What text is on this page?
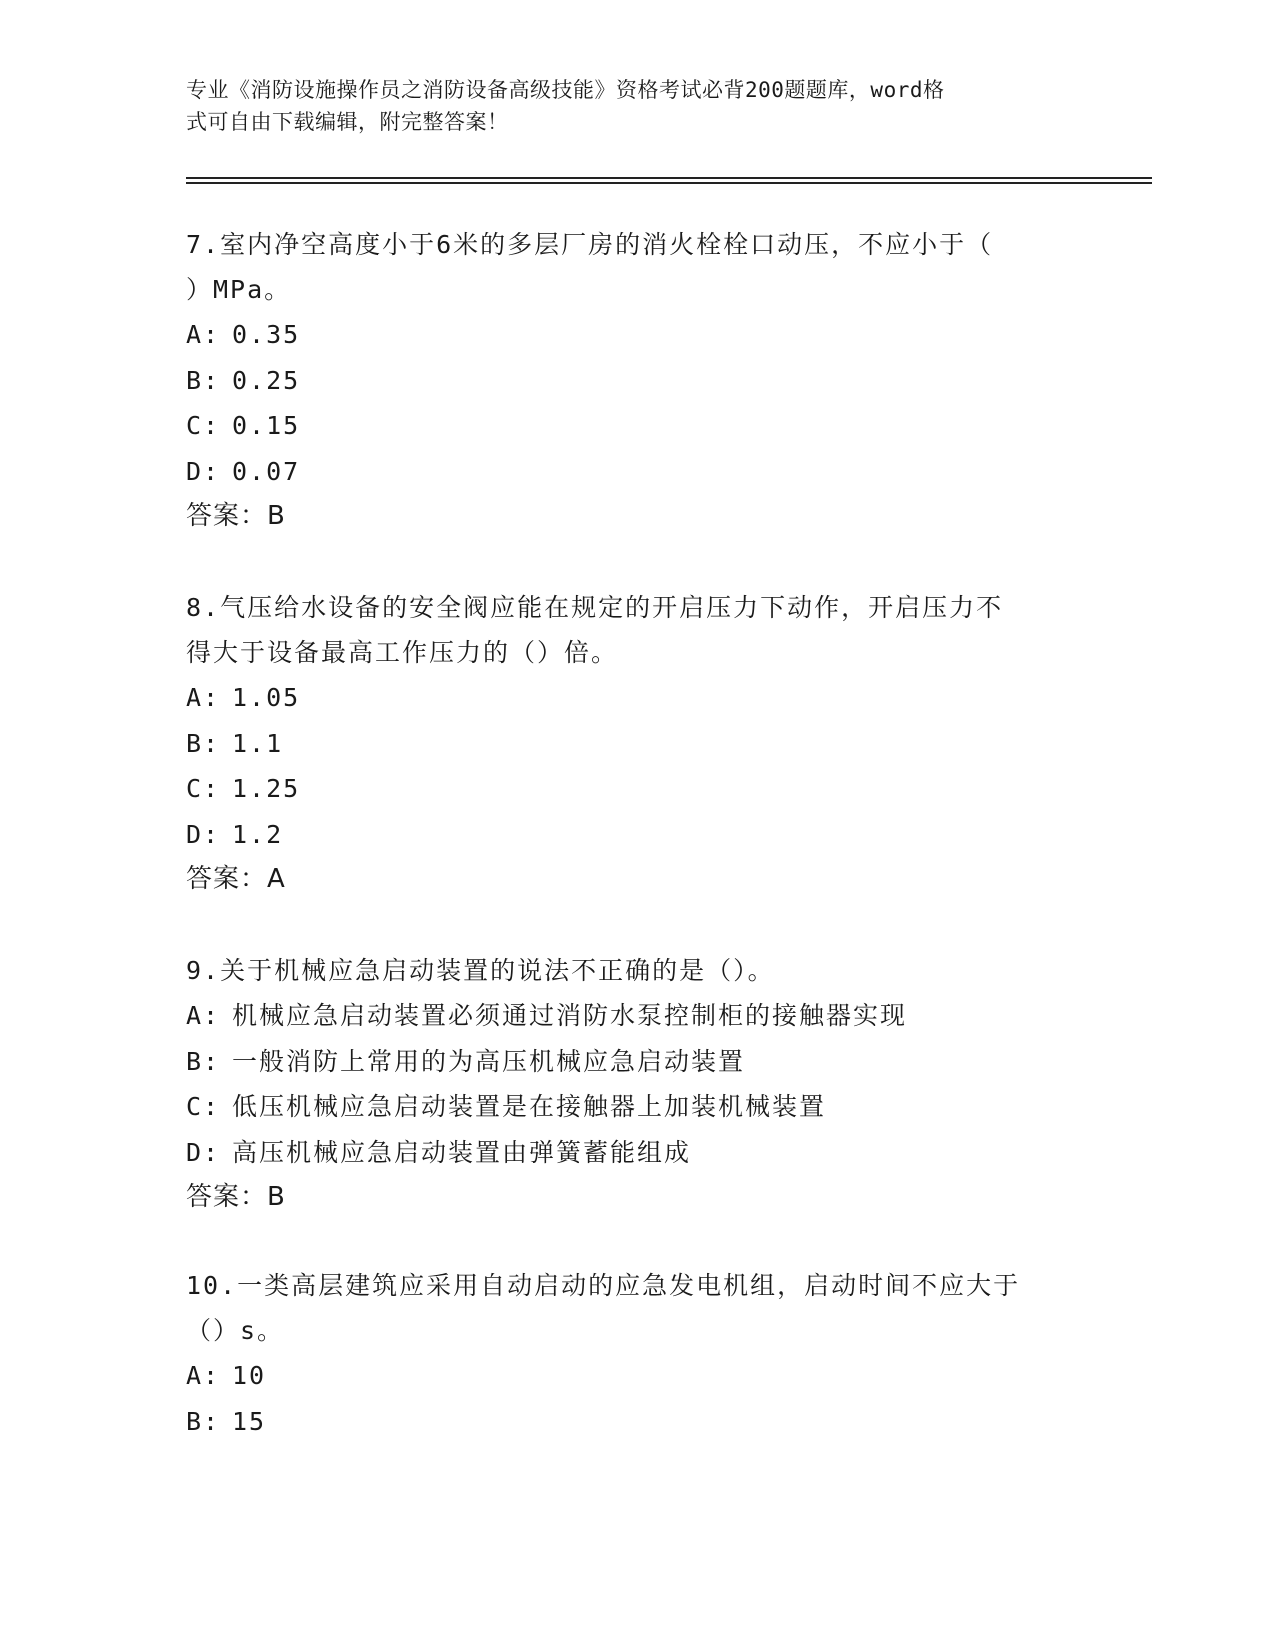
专业《消防设施操作员之消防设备高级技能》资格考试必背200题题库，word格
式可自由下载编辑，附完整答案！
7.室内净空高度小于6米的多层厂房的消火栓栓口动压，不应小于（
）MPa。
A: 0.35
B: 0.25
C: 0.15
D: 0.07
答案：B
8.气压给水设备的安全阀应能在规定的开启压力下动作，开启压力不
得大于设备最高工作压力的（）倍。
A: 1.05
B: 1.1
C: 1.25
D: 1.2
答案：A
9.关于机械应急启动装置的说法不正确的是（）。
A: 机械应急启动装置必须通过消防水泵控制柜的接触器实现
B: 一般消防上常用的为高压机械应急启动装置
C: 低压机械应急启动装置是在接触器上加装机械装置
D: 高压机械应急启动装置由弹簧蓄能组成
答案：B
10.一类高层建筑应采用自动启动的应急发电机组，启动时间不应大于
（）s。
A: 10
B: 15
